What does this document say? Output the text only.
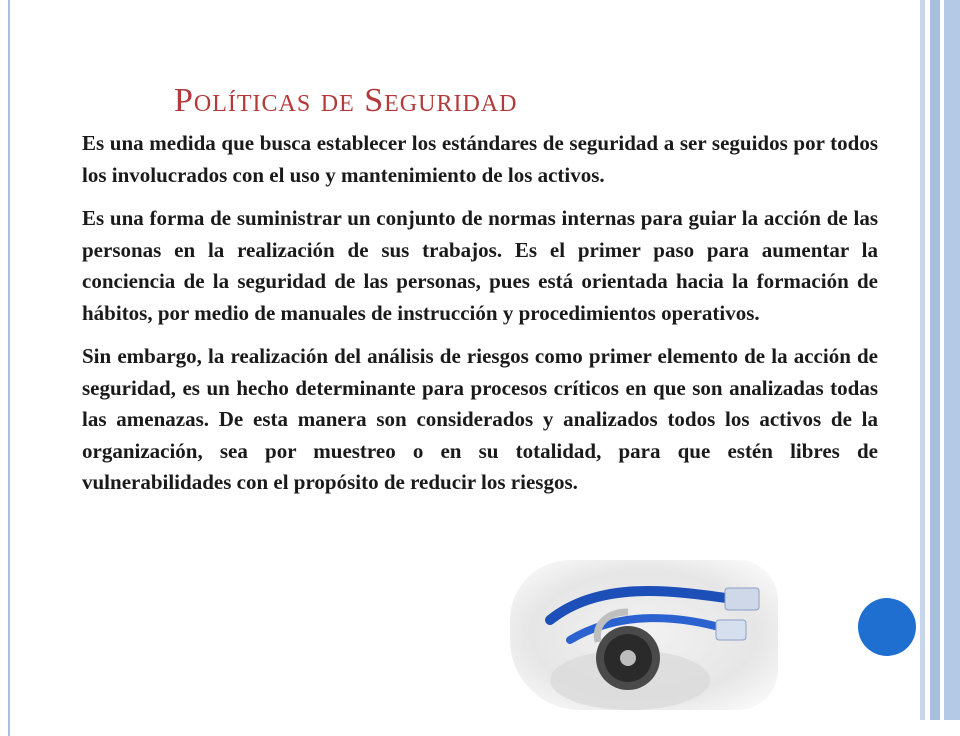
Políticas de Seguridad

Es una medida que busca establecer los estándares de seguridad a ser seguidos por todos los involucrados con el uso y mantenimiento de los activos.

Es una forma de suministrar un conjunto de normas internas para guiar la acción de las personas en la realización de sus trabajos. Es el primer paso para aumentar la conciencia de la seguridad de las personas, pues está orientada hacia la formación de hábitos, por medio de manuales de instrucción y procedimientos operativos.

Sin embargo, la realización del análisis de riesgos como primer elemento de la acción de seguridad, es un hecho determinante para procesos críticos en que son analizadas todas las amenazas. De esta manera son considerados y analizados todos los activos de la organización, sea por muestreo o en su totalidad, para que estén libres de vulnerabilidades con el propósito de reducir los riesgos.
